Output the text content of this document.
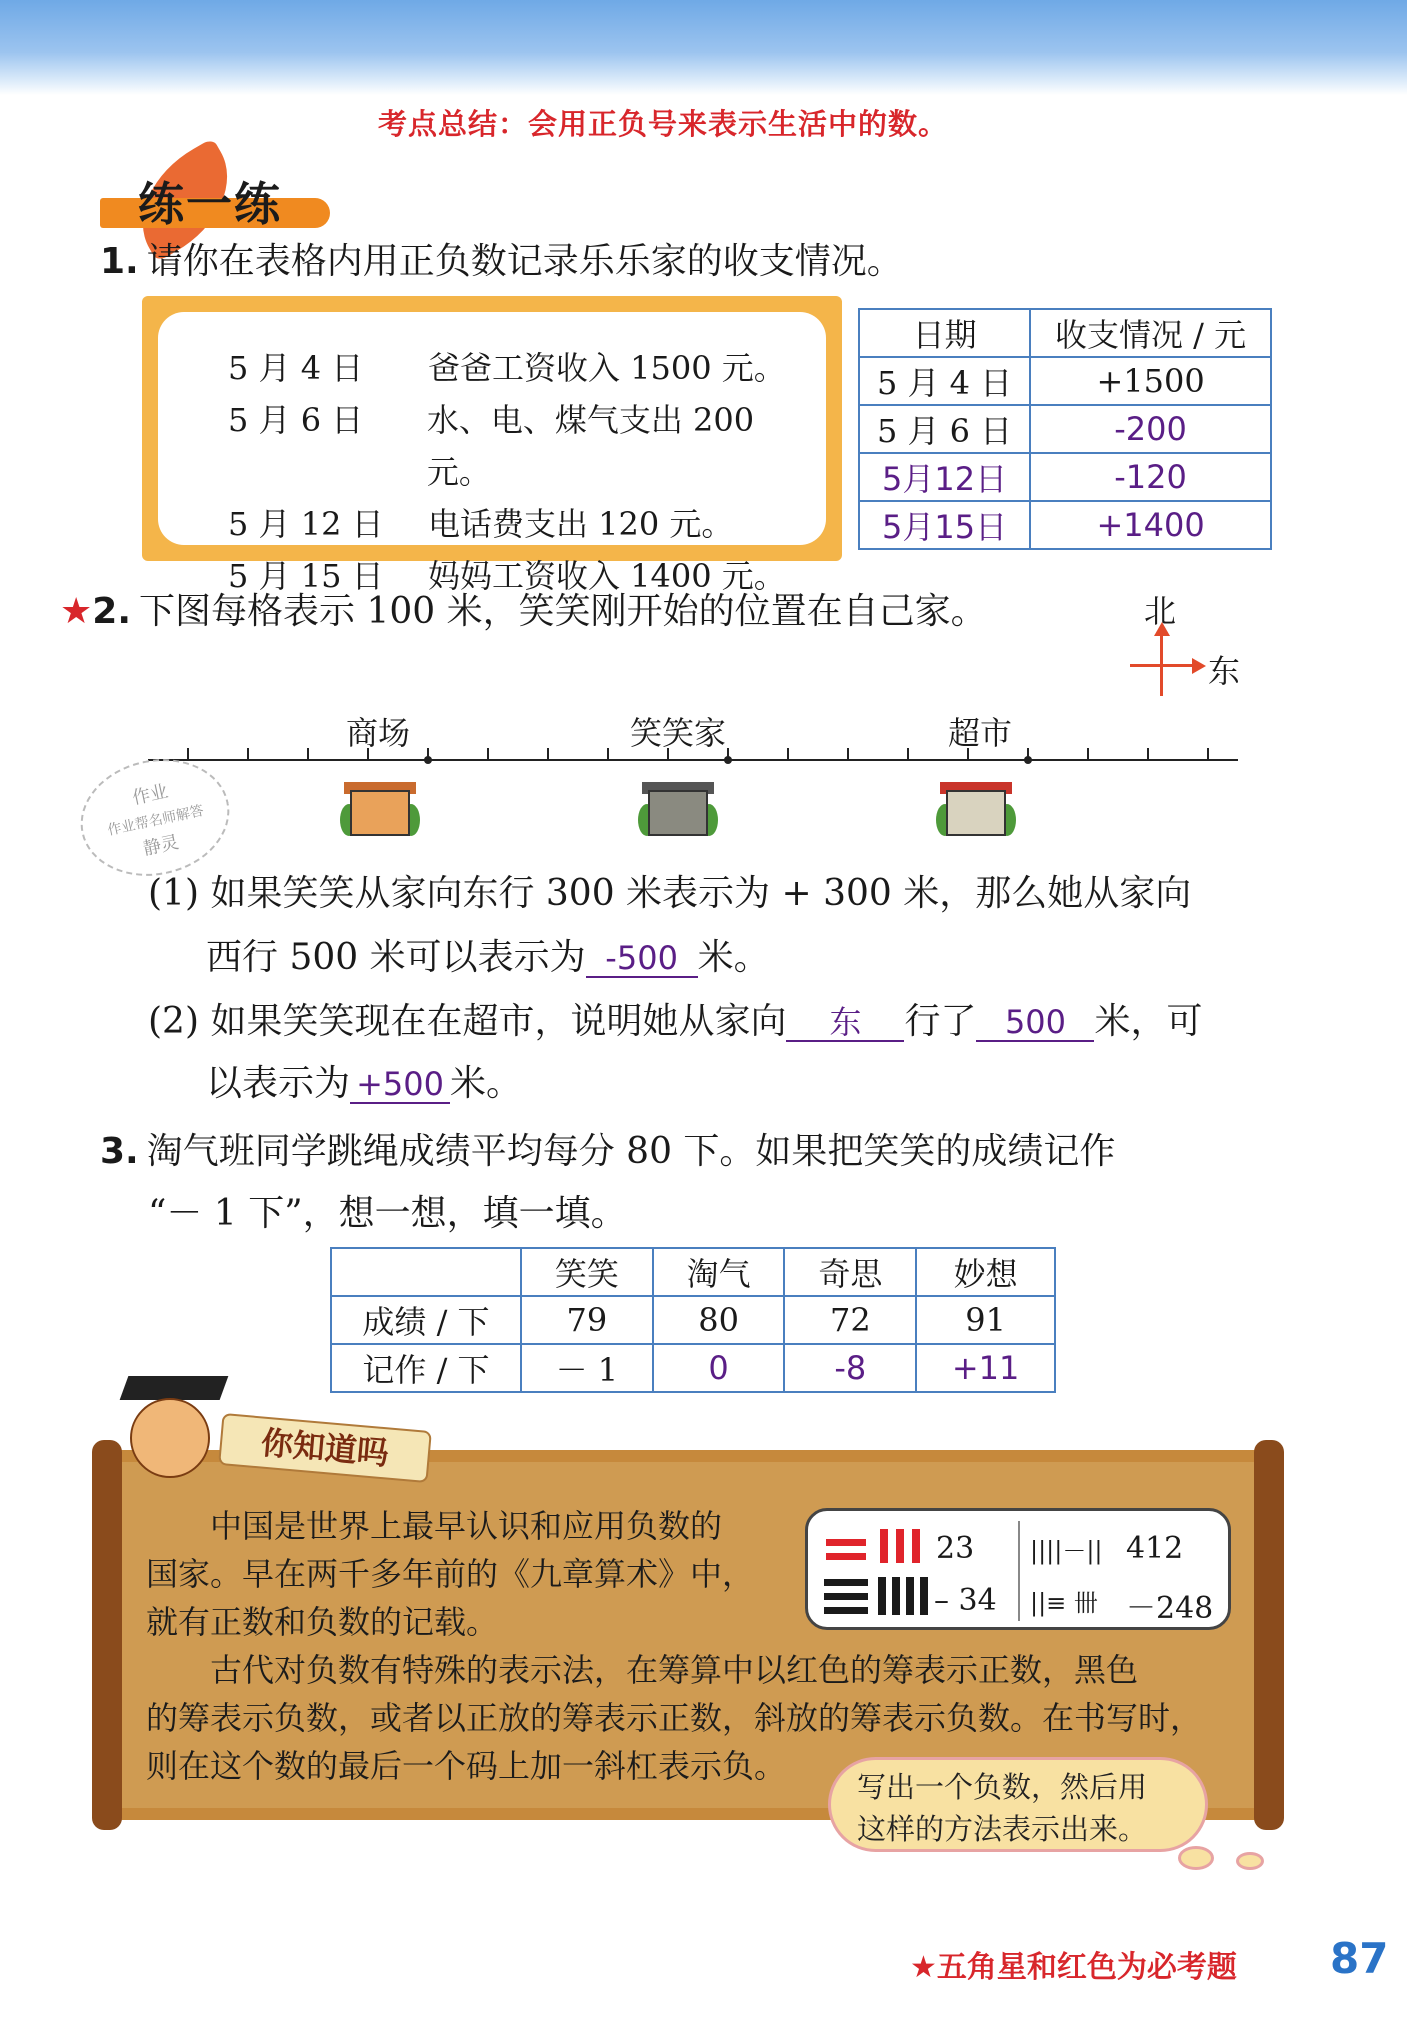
考点总结：会用正负号来表示生活中的数。
练一练
1. 请你在表格内用正负数记录乐乐家的收支情况。
5 月 4 日	爸爸工资收入 1500 元。
5 月 6 日	水、电、煤气支出 200 元。
5 月 12 日	电话费支出 120 元。
5 月 15 日	妈妈工资收入 1400 元。
日期	收支情况 / 元
5 月 4 日	+1500
5 月 6 日	-200
5月12日	-120
5月15日	+1400
★2. 下图每格表示 100 米，笑笑刚开始的位置在自己家。	北
东
商场	笑笑家	超市
作业
作业帮名师解答
静灵
(1) 如果笑笑从家向东行 300 米表示为 + 300 米，那么她从家向
西行 500 米可以表示为 -500 米。
(2) 如果笑笑现在在超市，说明她从家向 东 行了 500 米，可
以表示为 +500 米。
3. 淘气班同学跳绳成绩平均每分 80 下。如果把笑笑的成绩记作
“－ 1 下”，想一想，填一填。
	笑笑	淘气	奇思	妙想
成绩 / 下	79	80	72	91
记作 / 下	－ 1	0	-8	+11

中国是世界上最早认识和应用负数的

国家。早在两千多年前的《九章算术》中，

就有正数和负数的记载。

古代对负数有特殊的表示法，在筹算中以红色的筹表示正数，黑色

的筹表示负数，或者以正放的筹表示正数，斜放的筹表示负数。在书写时，

则在这个数的最后一个码上加一斜杠表示负。

你知道吗
23
– 34
||||－|| 412
||≡ 卌 －248
写出一个负数，然后用
这样的方法表示出来。
★五角星和红色为必考题 87
